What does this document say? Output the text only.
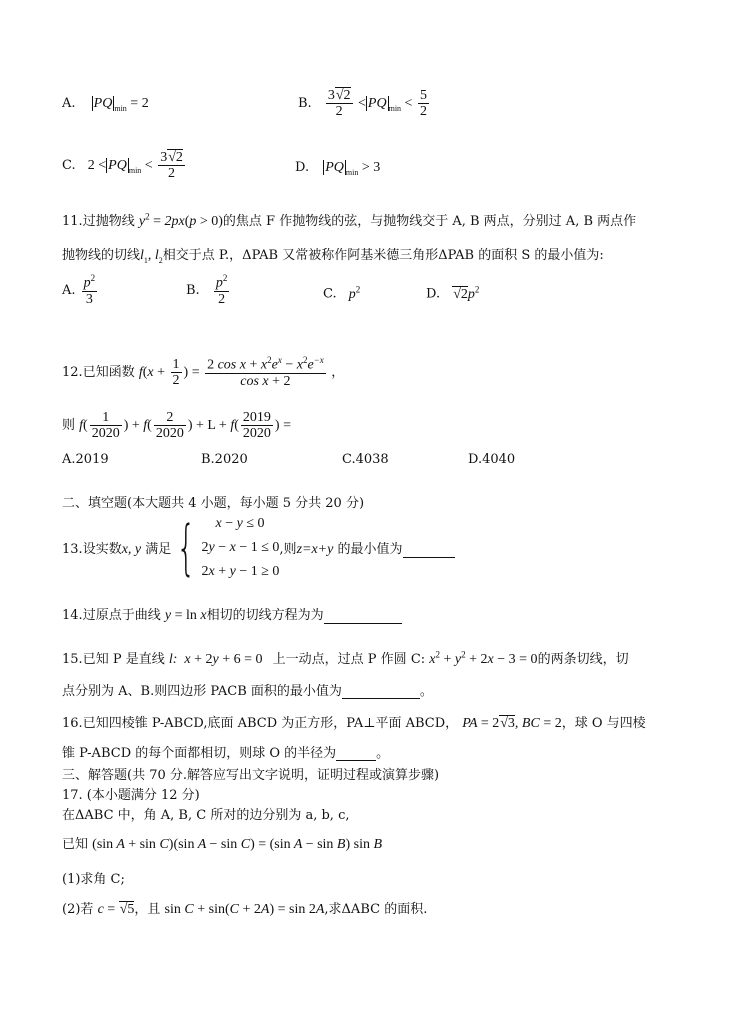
A. PQ $_{min}$ = 2	B. $\frac{3√2}{2}$ < PQ $_{min} < \frac{5}{2}$
C. 2 < PQ $_{min} < \frac{3√2}{2}$	D. PQ $_{min}$ > 3
11.过抛物线 $y^2 = 2px(p > 0)$的焦点 F 作抛物线的弦，与抛物线交于 A, B 两点，分别过 A, B 两点作
抛物线的切线$l_1$, $l_2$相交于点 P.，ΔPAB 又常被称作阿基米德三角形ΔPAB 的面积 S 的最小值为:
A. $\frac{p^2}{3}$	B. $\frac{p^2}{2}$	C. $p^2$	D. $√2p^2$
12.已知函数 $f(x + \frac{1}{2}$ ) = $\frac{2 \cos x + x^2e^x - x^2e^{-x}}{\text{cos x + 2}}$ ，
则 $f( \frac{1}{2020}$ ) + $f( \frac{2}{2020}$ ) + $L + f( \frac{2019}{2020}$ ) =
A.2019	B.2020	C.4038	D.4040
二、填空题(本大题共 4 小题，每小题 5 分共 20 分)
13.设实数x, y 满足{	x − y ≤ 0
2y − x − 1 ≤ 0
2x + y − 1 ≥ 0
,则z=x+y 的最小值为
14.过原点于曲线 y = ln x相切的切线方程为为
15.已知 P 是直线 l:  x + 2y + 6 = 0 上一动点，过点 P 作圆 C: $x^2 + y^2 + 2x - 3 = 0$的两条切线，切
点分别为 A、B.则四边形 PACB 面积的最小值为	。
16.已知四棱锥 P-ABCD,底面 ABCD 为正方形，PA⊥平面 ABCD， PA = 2√3, BC = 2，球 O 与四棱
锥 P-ABCD 的每个面都相切，则球 O 的半径为	。
三、解答题(共 70 分.解答应写出文字说明，证明过程或演算步骤)
17. (本小题满分 12 分)
在ΔABC 中，角 A, B, C 所对的边分别为 a, b, c,
已知 (sin A + sin C)(sin A − sin C) = (sin A − sin B) sin B
(1)求角 C;
(2)若 c = √5，且 sin C + sin(C + 2A) = sin 2A,求ΔABC 的面积.
